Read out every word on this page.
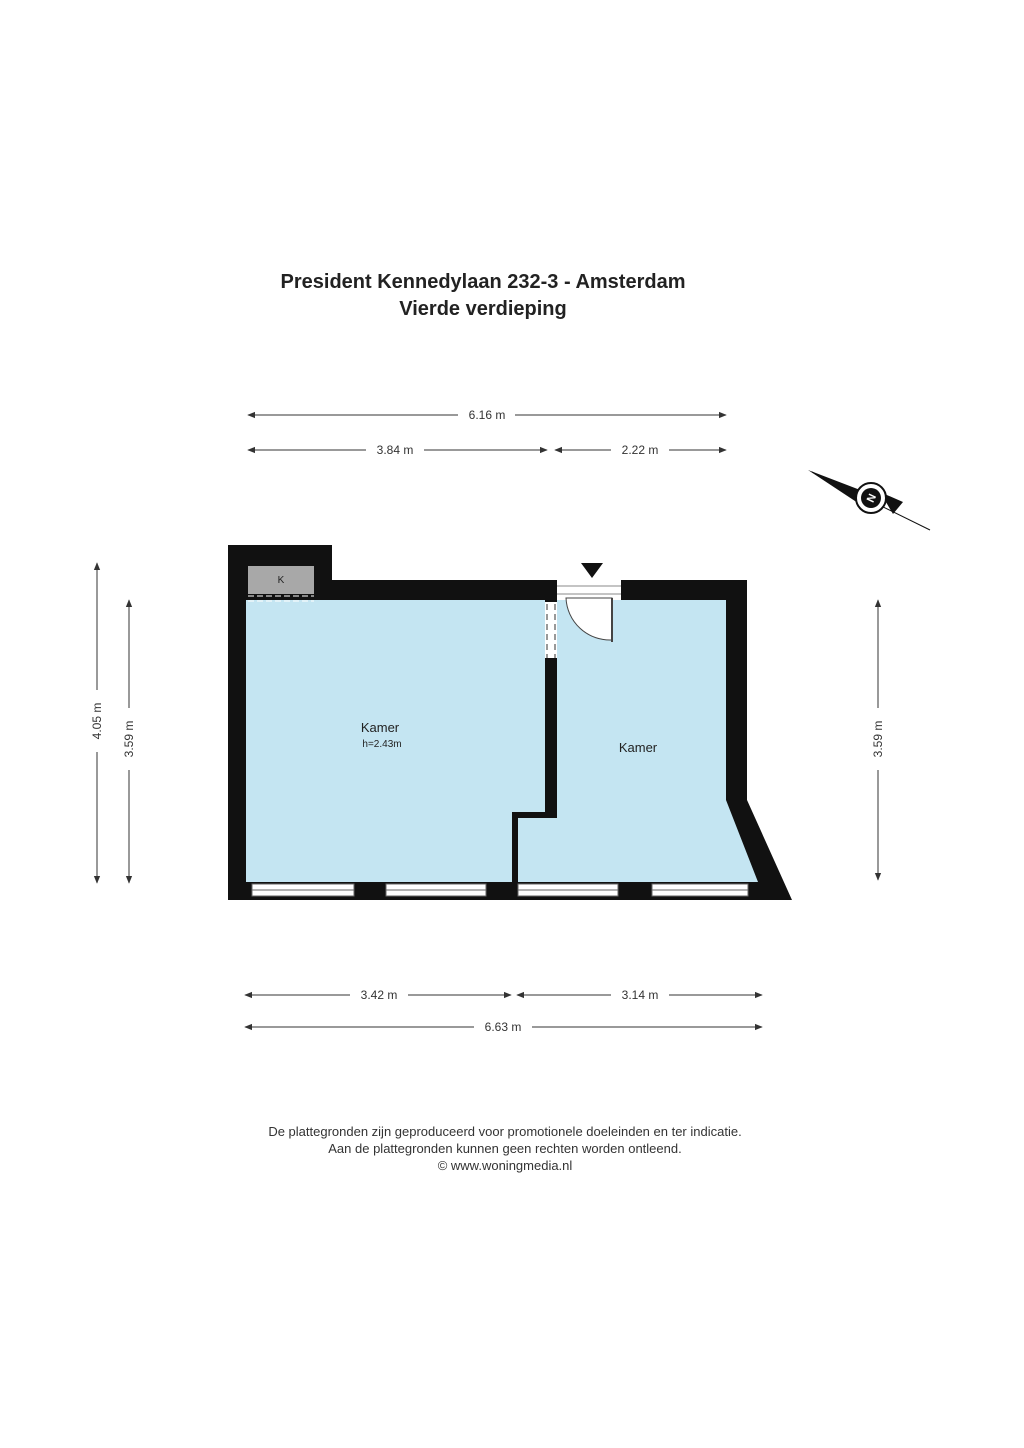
President Kennedylaan 232-3 - Amsterdam
Vierde verdieping
6.16 m
3.84 m	2.22 m
3.42 m	3.14 m
6.63 m
4.05 m 3.59 m	3.59 m
K
Kamer
h=2.43m	Kamer
N
De plattegronden zijn geproduceerd voor promotionele doeleinden en ter indicatie.
Aan de plattegronden kunnen geen rechten worden ontleend.
© www.woningmedia.nl
